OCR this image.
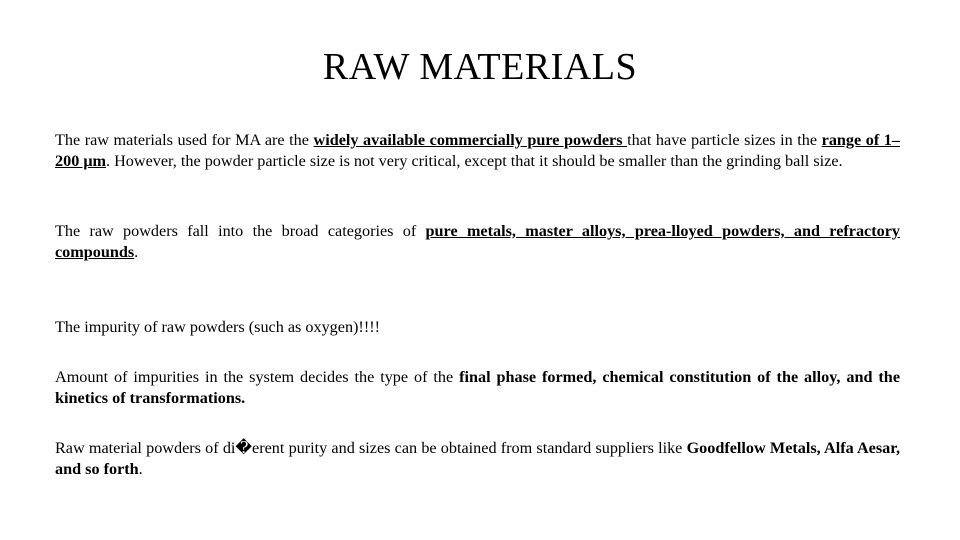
RAW MATERIALS
The raw materials used for MA are the widely available commercially pure powders that have particle sizes in the range of 1–200 μm. However, the powder particle size is not very critical, except that it should be smaller than the grinding ball size.
The raw powders fall into the broad categories of pure metals, master alloys, prea-lloyed powders, and refractory compounds.
The impurity of raw powders (such as oxygen)!!!!
Amount of impurities in the system decides the type of the final phase formed, chemical constitution of the alloy, and the kinetics of transformations.
Raw material powders of di�erent purity and sizes can be obtained from standard suppliers like Goodfellow Metals, Alfa Aesar, and so forth.
